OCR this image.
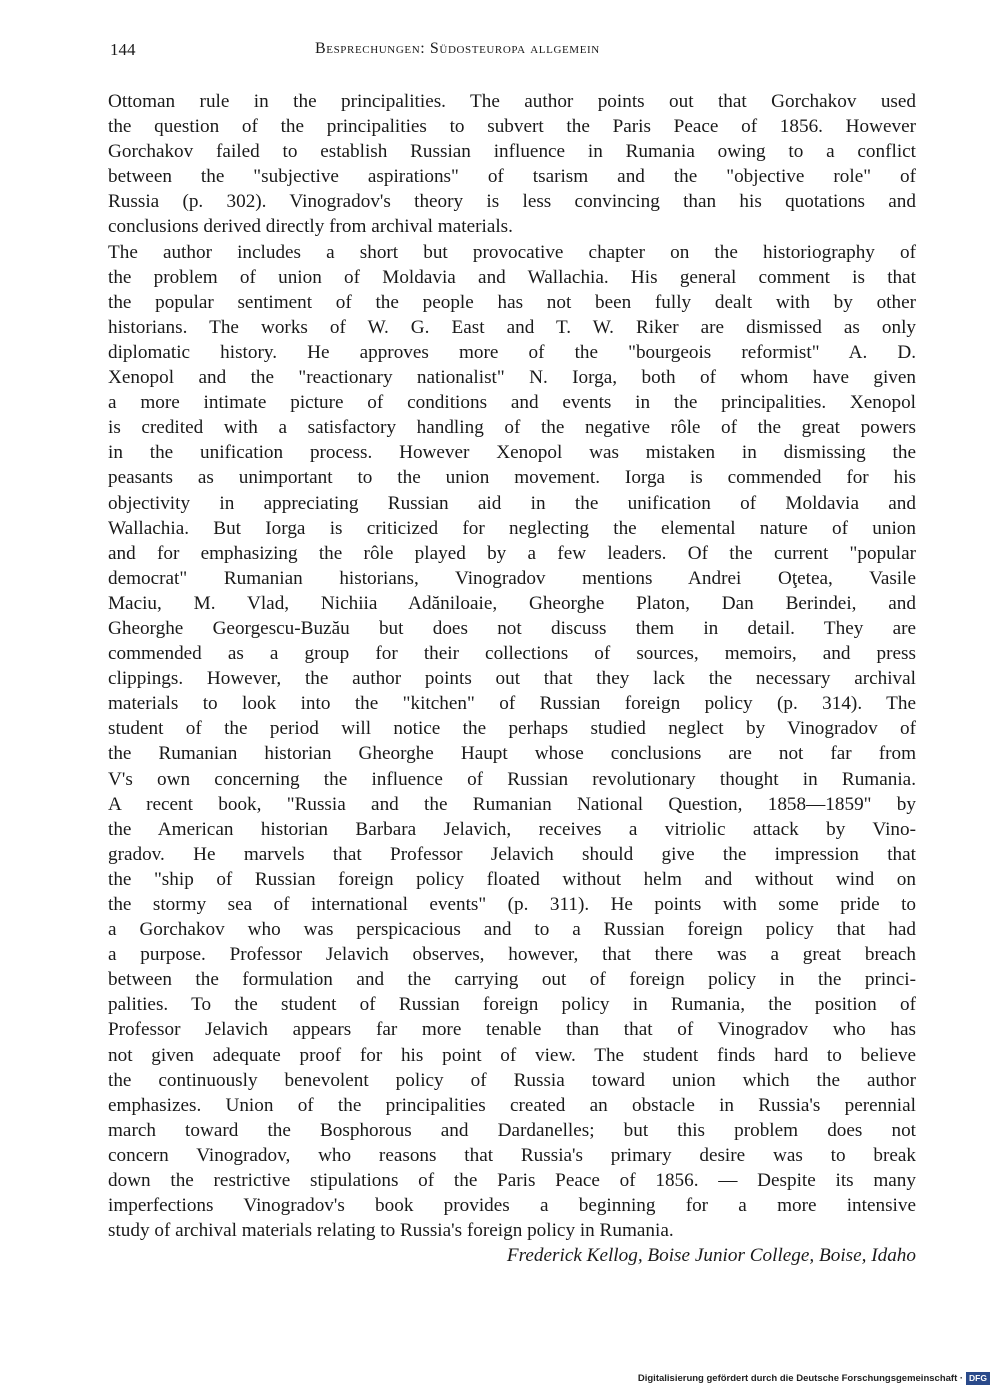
144	Besprechungen: Südosteuropa allgemein
Ottoman rule in the principalities. The author points out that Gorchakov used
the question of the principalities to subvert the Paris Peace of 1856. However
Gorchakov failed to establish Russian influence in Rumania owing to a conflict
between the "subjective aspirations" of tsarism and the "objective role" of
Russia (p. 302). Vinogradov's theory is less convincing than his quotations and
conclusions derived directly from archival materials.
The author includes a short but provocative chapter on the historiography of
the problem of union of Moldavia and Wallachia. His general comment is that
the popular sentiment of the people has not been fully dealt with by other
historians. The works of W. G. East and T. W. Riker are dismissed as only
diplomatic history. He approves more of the "bourgeois reformist" A. D.
Xenopol and the "reactionary nationalist" N. Iorga, both of whom have given
a more intimate picture of conditions and events in the principalities. Xenopol
is credited with a satisfactory handling of the negative rôle of the great powers
in the unification process. However Xenopol was mistaken in dismissing the
peasants as unimportant to the union movement. Iorga is commended for his
objectivity in appreciating Russian aid in the unification of Moldavia and
Wallachia. But Iorga is criticized for neglecting the elemental nature of union
and for emphasizing the rôle played by a few leaders. Of the current "popular
democrat" Rumanian historians, Vinogradov mentions Andrei Oţetea, Vasile
Maciu, M. Vlad, Nichiia Adăniloaie, Gheorghe Platon, Dan Berindei, and
Gheorghe Georgescu-Buzău but does not discuss them in detail. They are
commended as a group for their collections of sources, memoirs, and press
clippings. However, the author points out that they lack the necessary archival
materials to look into the "kitchen" of Russian foreign policy (p. 314). The
student of the period will notice the perhaps studied neglect by Vinogradov of
the Rumanian historian Gheorghe Haupt whose conclusions are not far from
V's own concerning the influence of Russian revolutionary thought in Rumania.
A recent book, "Russia and the Rumanian National Question, 1858—1859" by
the American historian Barbara Jelavich, receives a vitriolic attack by Vino-
gradov. He marvels that Professor Jelavich should give the impression that
the "ship of Russian foreign policy floated without helm and without wind on
the stormy sea of international events" (p. 311). He points with some pride to
a Gorchakov who was perspicacious and to a Russian foreign policy that had
a purpose. Professor Jelavich observes, however, that there was a great breach
between the formulation and the carrying out of foreign policy in the princi-
palities. To the student of Russian foreign policy in Rumania, the position of
Professor Jelavich appears far more tenable than that of Vinogradov who has
not given adequate proof for his point of view. The student finds hard to believe
the continuously benevolent policy of Russia toward union which the author
emphasizes. Union of the principalities created an obstacle in Russia's perennial
march toward the Bosphorous and Dardanelles; but this problem does not
concern Vinogradov, who reasons that Russia's primary desire was to break
down the restrictive stipulations of the Paris Peace of 1856. — Despite its many
imperfections Vinogradov's book provides a beginning for a more intensive
study of archival materials relating to Russia's foreign policy in Rumania.
Frederick Kellog, Boise Junior College, Boise, Idaho
Digitalisierung gefördert durch die Deutsche Forschungsgemeinschaft · DFG
